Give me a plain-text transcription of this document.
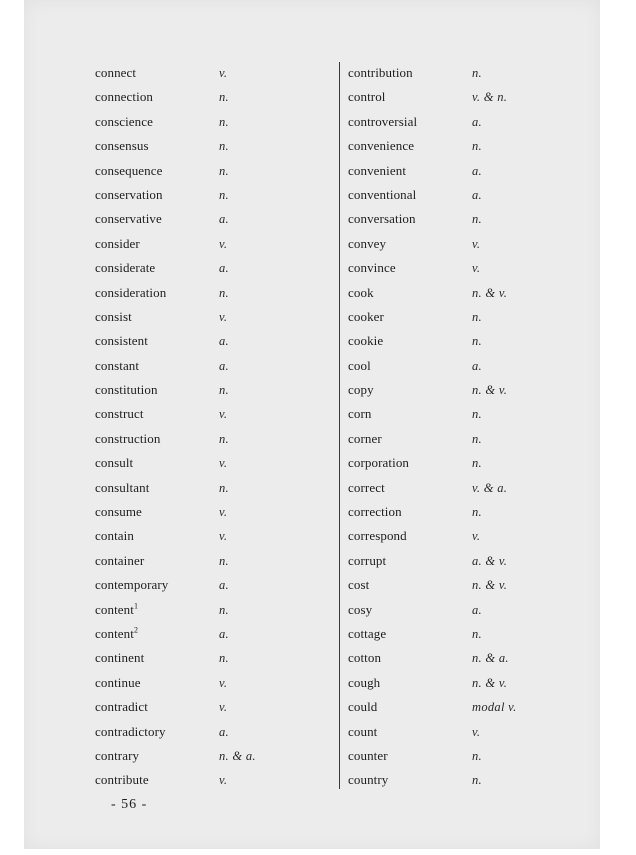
connect	v.
connection	n.
conscience	n.
consensus	n.
consequence	n.
conservation	n.
conservative	a.
consider	v.
considerate	a.
consideration	n.
consist	v.
consistent	a.
constant	a.
constitution	n.
construct	v.
construction	n.
consult	v.
consultant	n.
consume	v.
contain	v.
container	n.
contemporary	a.
content$^1$	n.
content$^2$	a.
continent	n.
continue	v.
contradict	v.
contradictory	a.
contrary	n. & a.
contribute	v.
contribution	n.
control	v. & n.
controversial	a.
convenience	n.
convenient	a.
conventional	a.
conversation	n.
convey	v.
convince	v.
cook	n. & v.
cooker	n.
cookie	n.
cool	a.
copy	n. & v.
corn	n.
corner	n.
corporation	n.
correct	v. & a.
correction	n.
correspond	v.
corrupt	a. & v.
cost	n. & v.
cosy	a.
cottage	n.
cotton	n. & a.
cough	n. & v.
could	modal v.
count	v.
counter	n.
country	n.
- 56 -
